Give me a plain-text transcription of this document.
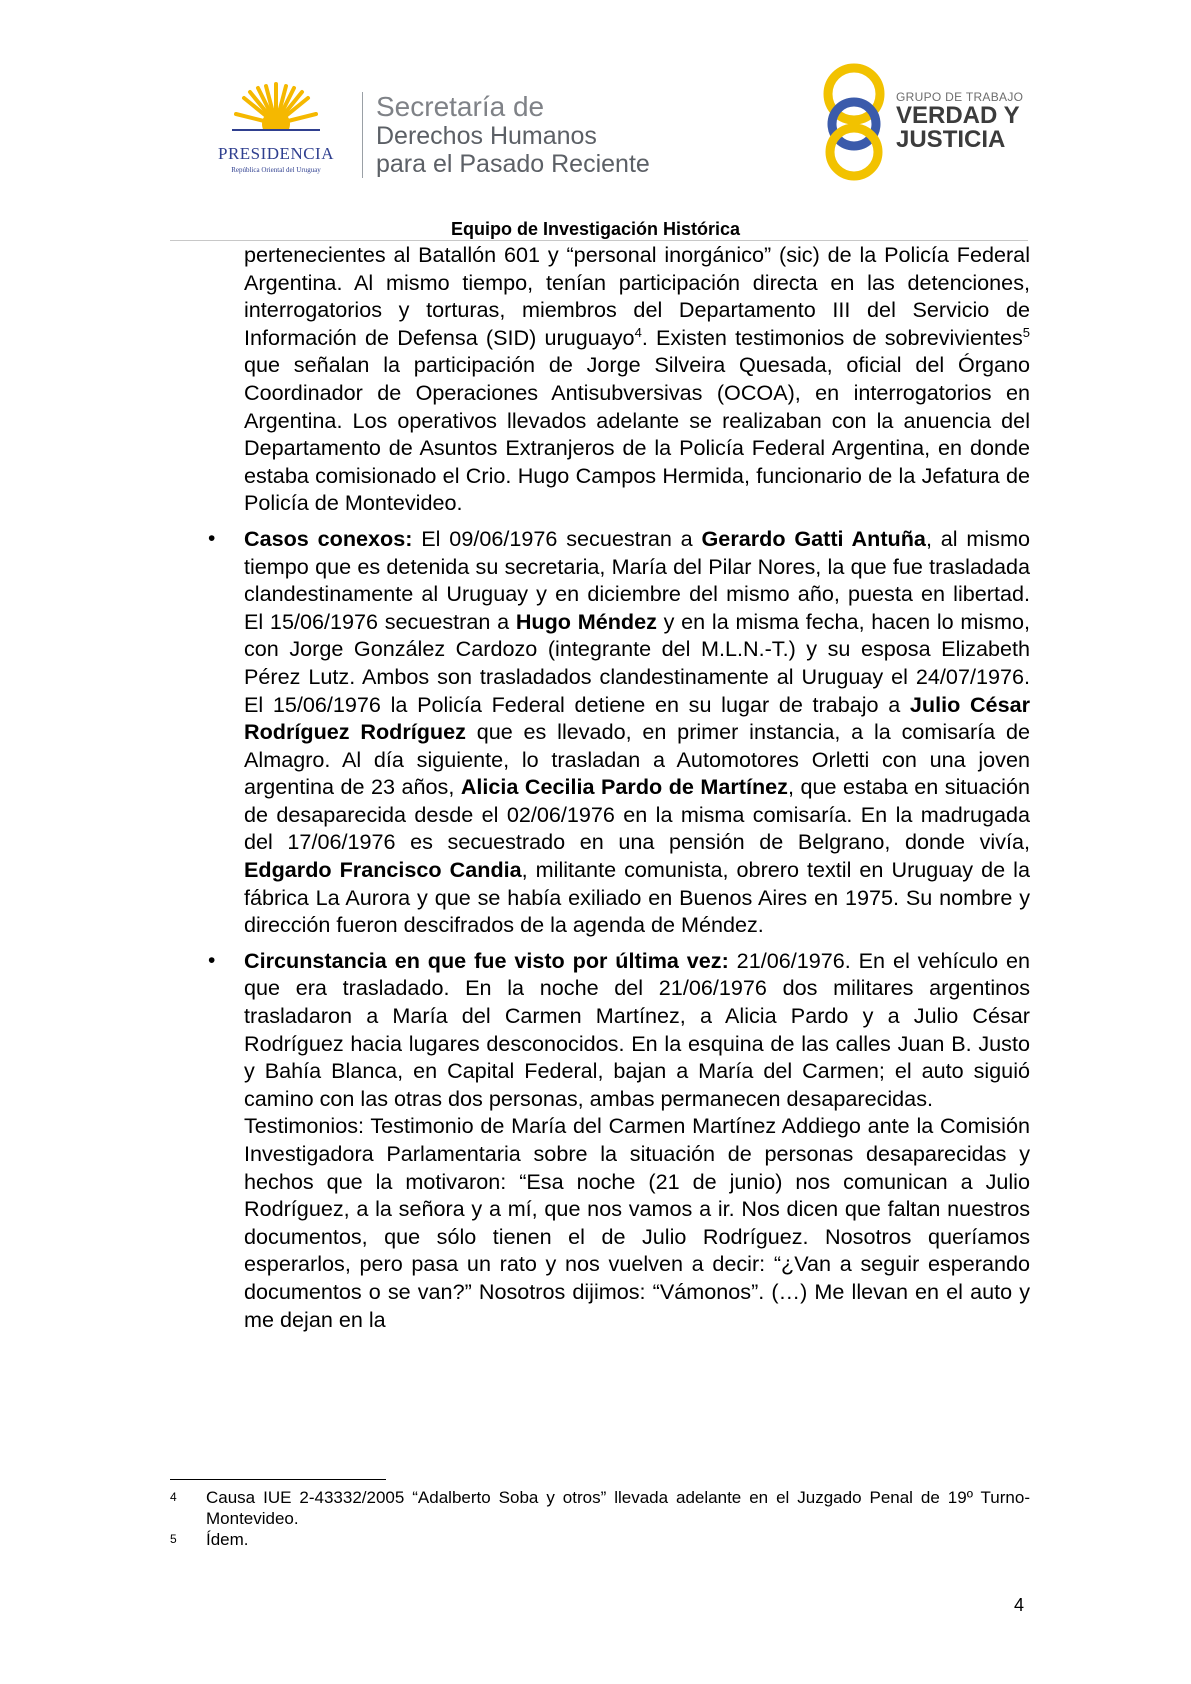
PRESIDENCIA
República Oriental del Uruguay
Secretaría de
Derechos Humanos
para el Pasado Reciente
GRUPO DE TRABAJO
VERDAD Y
JUSTICIA
Equipo de Investigación Histórica

pertenecientes al Batallón 601 y “personal inorgánico” (sic) de la Policía Federal Argentina. Al mismo tiempo, tenían participación directa en las detenciones, interrogatorios y torturas, miembros del Departamento III del Servicio de Información de Defensa (SID) uruguayo$^4$. Existen testimonios de sobrevivientes$^5$ que señalan la participación de Jorge Silveira Quesada, oficial del Órgano Coordinador de Operaciones Antisubversivas (OCOA), en interrogatorios en Argentina. Los operativos llevados adelante se realizaban con la anuencia del Departamento de Asuntos Extranjeros de la Policía Federal Argentina, en donde estaba comisionado el Crio. Hugo Campos Hermida, funcionario de la Jefatura de Policía de Montevideo.

• Casos conexos: El 09/06/1976 secuestran a Gerardo Gatti Antuña, al mismo tiempo que es detenida su secretaria, María del Pilar Nores, la que fue trasladada clandestinamente al Uruguay y en diciembre del mismo año, puesta en libertad. El 15/06/1976 secuestran a Hugo Méndez y en la misma fecha, hacen lo mismo, con Jorge González Cardozo (integrante del M.L.N.-T.) y su esposa Elizabeth Pérez Lutz. Ambos son trasladados clandestinamente al Uruguay el 24/07/1976. El 15/06/1976 la Policía Federal detiene en su lugar de trabajo a Julio César Rodríguez Rodríguez que es llevado, en primer instancia, a la comisaría de Almagro. Al día siguiente, lo trasladan a Automotores Orletti con una joven argentina de 23 años, Alicia Cecilia Pardo de Martínez, que estaba en situación de desaparecida desde el 02/06/1976 en la misma comisaría. En la madrugada del 17/06/1976 es secuestrado en una pensión de Belgrano, donde vivía, Edgardo Francisco Candia, militante comunista, obrero textil en Uruguay de la fábrica La Aurora y que se había exiliado en Buenos Aires en 1975. Su nombre y dirección fueron descifrados de la agenda de Méndez.

• Circunstancia en que fue visto por última vez: 21/06/1976. En el vehículo en que era trasladado. En la noche del 21/06/1976 dos militares argentinos trasladaron a María del Carmen Martínez, a Alicia Pardo y a Julio César Rodríguez hacia lugares desconocidos. En la esquina de las calles Juan B. Justo y Bahía Blanca, en Capital Federal, bajan a María del Carmen; el auto siguió camino con las otras dos personas, ambas permanecen desaparecidas.

Testimonios: Testimonio de María del Carmen Martínez Addiego ante la Comisión Investigadora Parlamentaria sobre la situación de personas desaparecidas y hechos que la motivaron: “Esa noche (21 de junio) nos comunican a Julio Rodríguez, a la señora y a mí, que nos vamos a ir. Nos dicen que faltan nuestros documentos, que sólo tienen el de Julio Rodríguez. Nosotros queríamos esperarlos, pero pasa un rato y nos vuelven a decir: “¿Van a seguir esperando documentos o se van?” Nosotros dijimos: “Vámonos”. (…) Me llevan en el auto y me dejan en la

4 Causa IUE 2-43332/2005 “Adalberto Soba y otros” llevada adelante en el Juzgado Penal de 19º Turno-Montevideo.
5 Ídem.
4
